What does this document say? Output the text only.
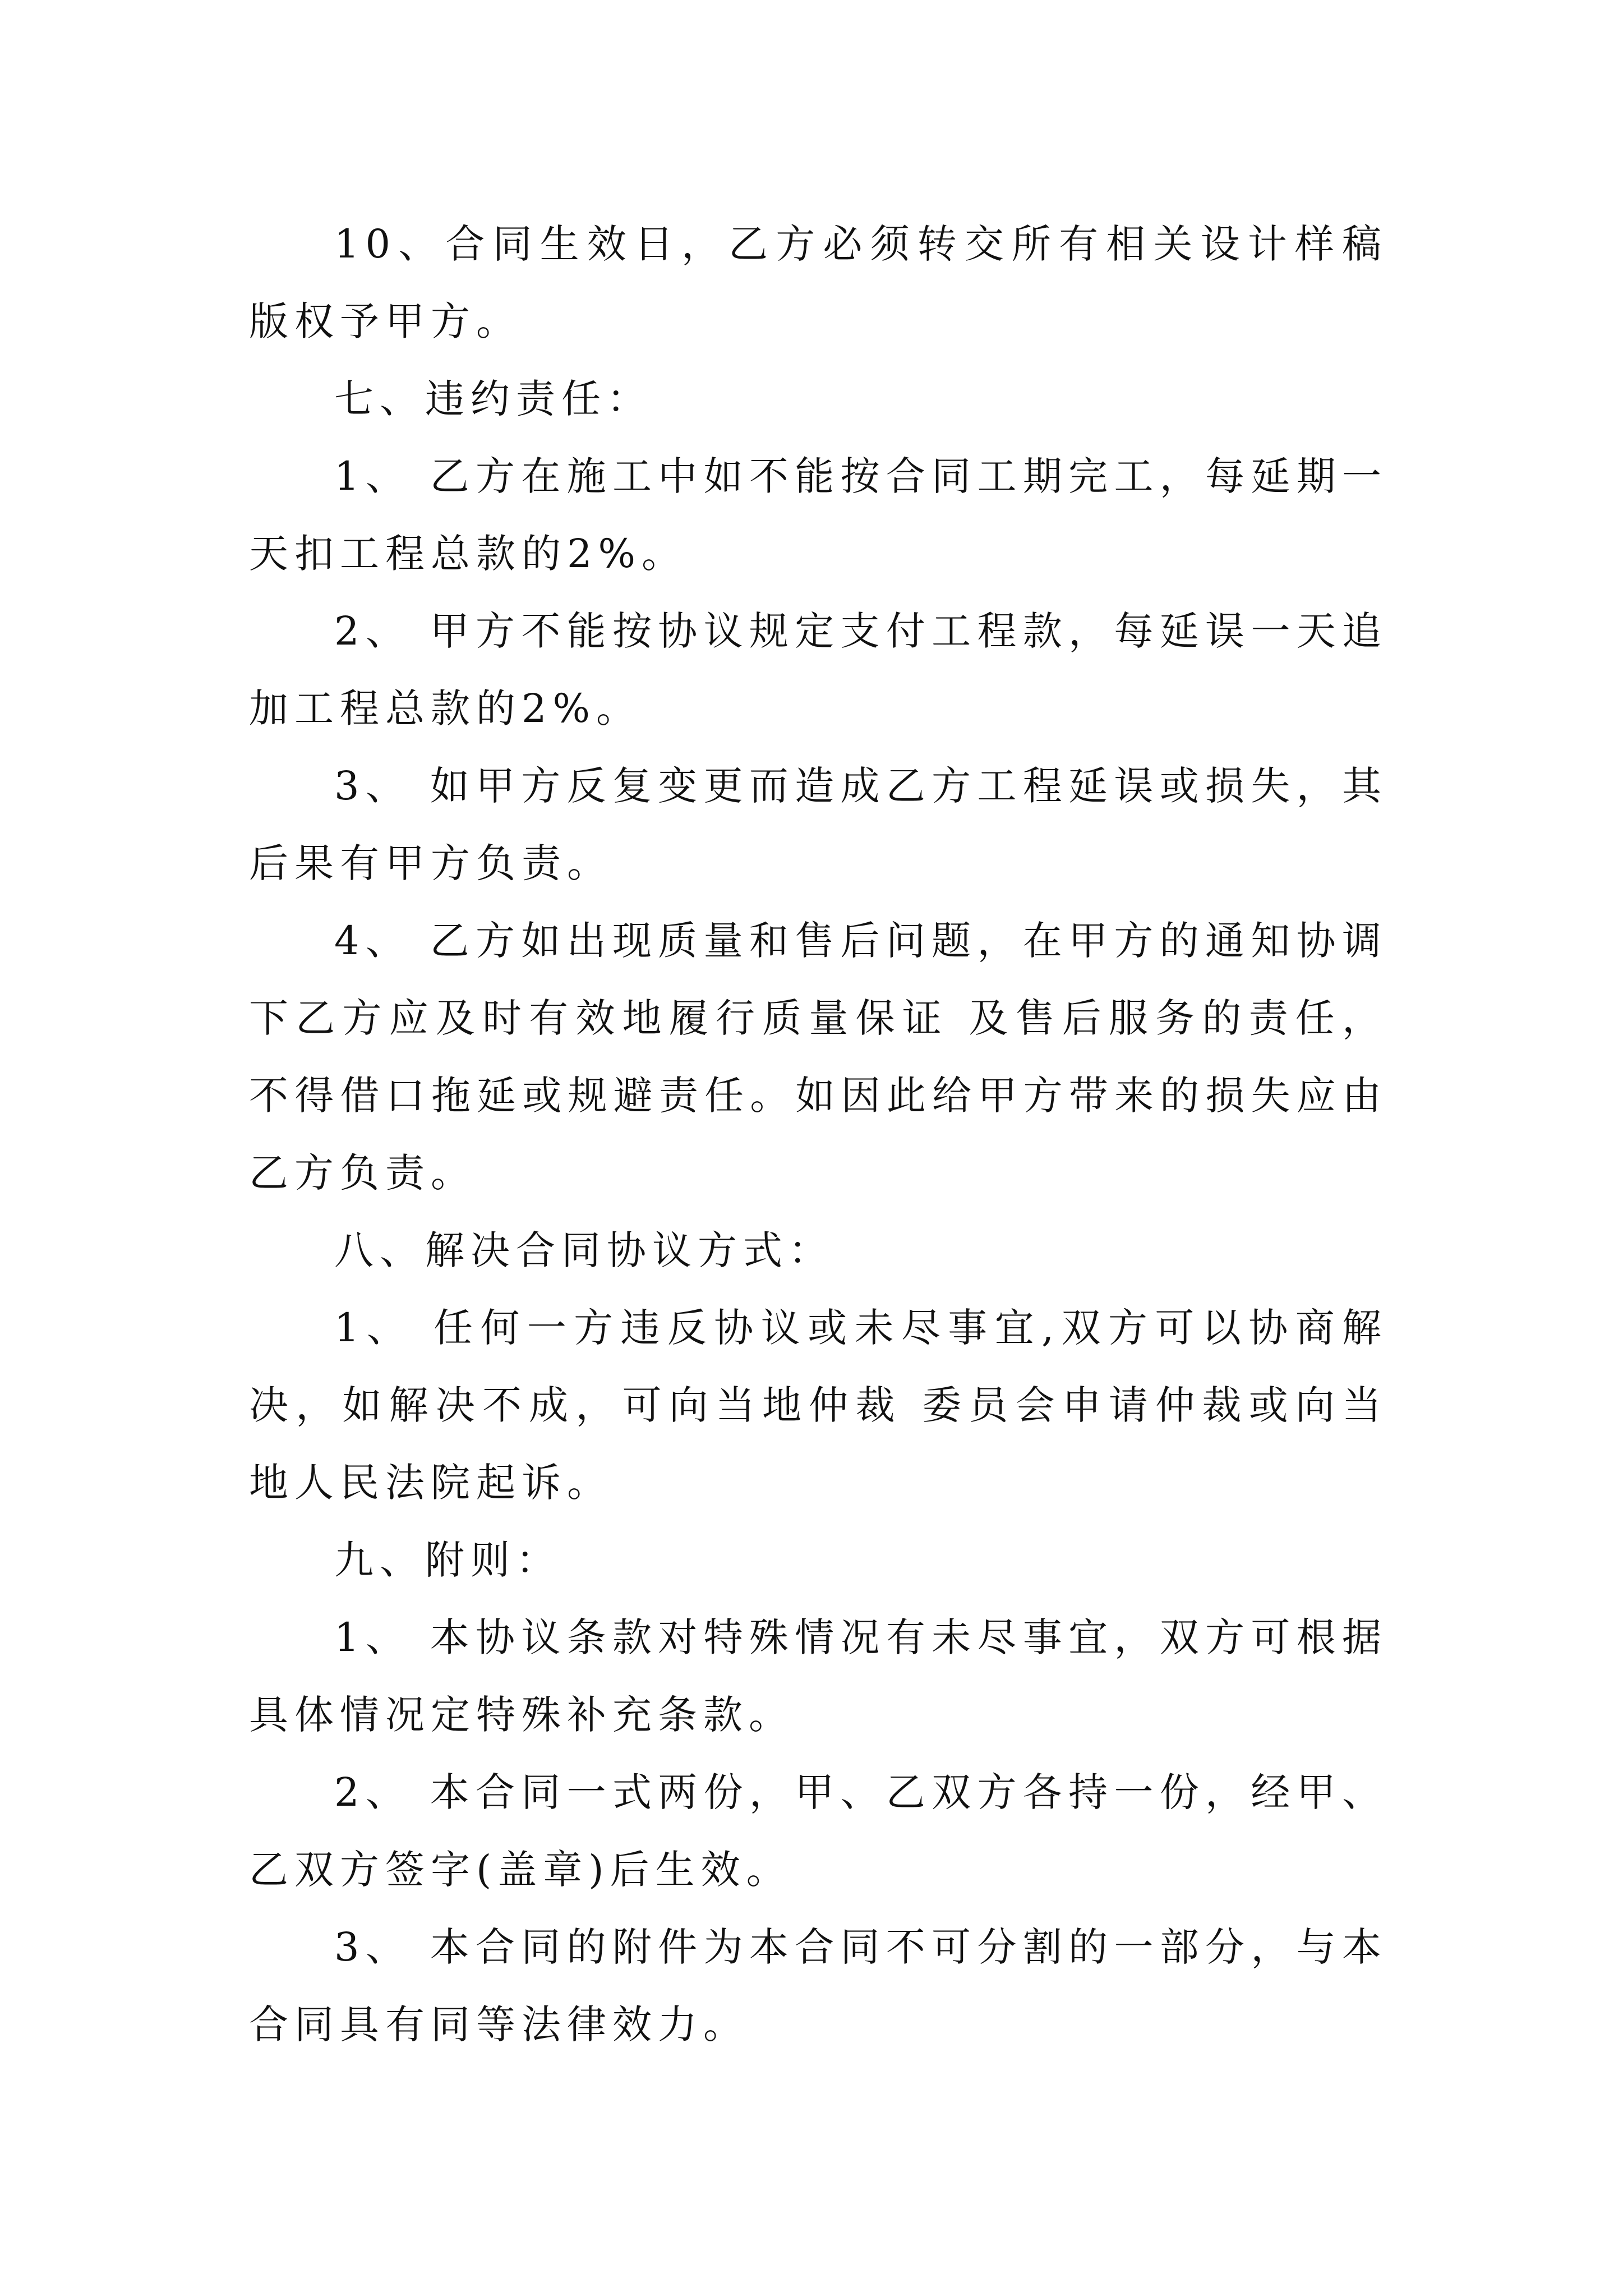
10、合同生效日，乙方必须转交所有相关设计样稿版权予甲方。

七、违约责任：

1、 乙方在施工中如不能按合同工期完工，每延期一天扣工程总款的2%。

2、 甲方不能按协议规定支付工程款，每延误一天追加工程总款的2%。

3、 如甲方反复变更而造成乙方工程延误或损失，其后果有甲方负责。

4、 乙方如出现质量和售后问题，在甲方的通知协调下乙方应及时有效地履行质量保证 及售后服务的责任，不得借口拖延或规避责任。如因此给甲方带来的损失应由乙方负责。

八、解决合同协议方式：

1、 任何一方违反协议或未尽事宜,双方可以协商解决，如解决不成，可向当地仲裁 委员会申请仲裁或向当地人民法院起诉。

九、附则：

1、 本协议条款对特殊情况有未尽事宜，双方可根据具体情况定特殊补充条款。

2、 本合同一式两份，甲、乙双方各持一份，经甲、乙双方签字(盖章)后生效。

3、 本合同的附件为本合同不可分割的一部分，与本合同具有同等法律效力。
